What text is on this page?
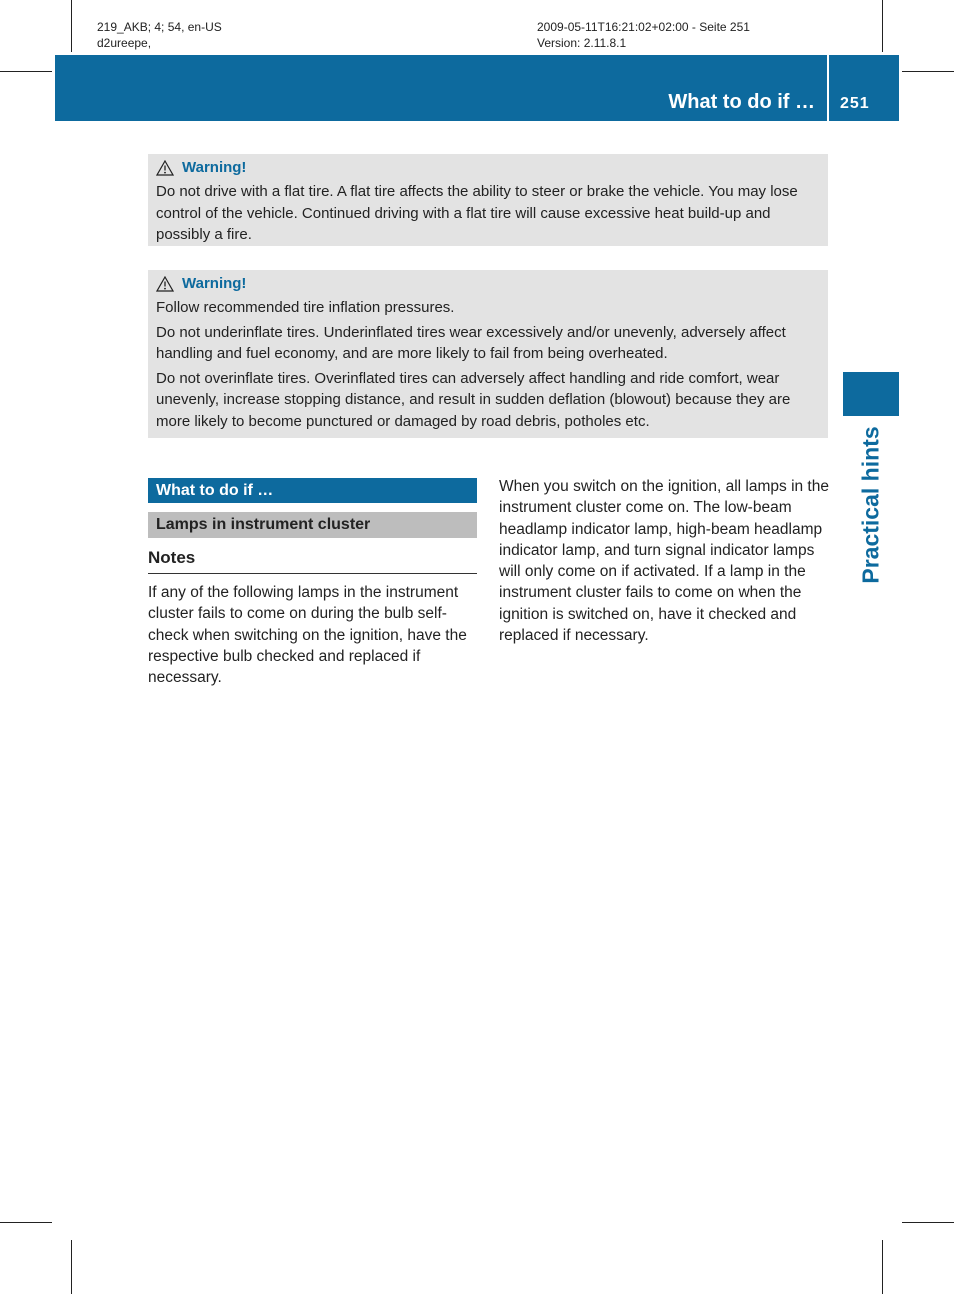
219_AKB; 4; 54, en-US
d2ureepe,
2009-05-11T16:21:02+02:00 - Seite 251
Version: 2.11.8.1
What to do if … 251
Practical hints
Warning!

Do not drive with a flat tire. A flat tire affects the ability to steer or brake the vehicle. You may lose control of the vehicle. Continued driving with a flat tire will cause excessive heat build-up and possibly a fire.

Warning!

Follow recommended tire inflation pressures.

Do not underinflate tires. Underinflated tires wear excessively and/or unevenly, adversely affect handling and fuel economy, and are more likely to fail from being overheated.

Do not overinflate tires. Overinflated tires can adversely affect handling and ride comfort, wear unevenly, increase stopping distance, and result in sudden deflation (blowout) because they are more likely to become punctured or damaged by road debris, potholes etc.

What to do if …
Lamps in instrument cluster
Notes

If any of the following lamps in the instrument cluster fails to come on during the bulb self-check when switching on the ignition, have the respective bulb checked and replaced if necessary.

When you switch on the ignition, all lamps in the instrument cluster come on. The low-beam headlamp indicator lamp, high-beam headlamp indicator lamp, and turn signal indicator lamps will only come on if activated. If a lamp in the instrument cluster fails to come on when the ignition is switched on, have it checked and replaced if necessary.
